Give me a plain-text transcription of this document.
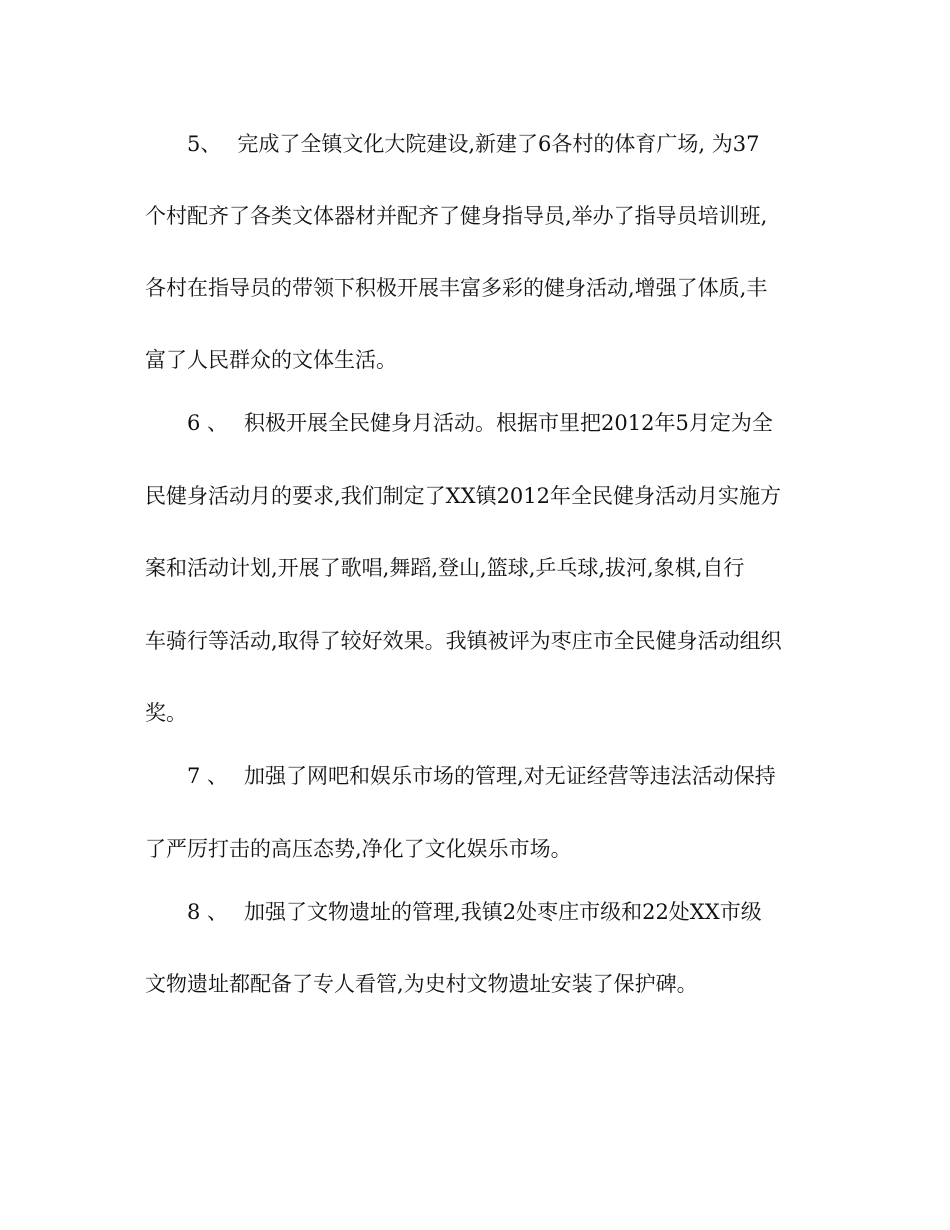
5、 完成了全镇文化大院建设,新建了6各村的体育广场, 为37
个村配齐了各类文体器材并配齐了健身指导员,举办了指导员培训班,
各村在指导员的带领下积极开展丰富多彩的健身活动,增强了体质,丰
富了人民群众的文体生活。
6 、 积极开展全民健身月活动。根据市里把2012年5月定为全
民健身活动月的要求,我们制定了XX镇2012年全民健身活动月实施方
案和活动计划,开展了歌唱,舞蹈,登山,篮球,乒乓球,拔河,象棋,自行
车骑行等活动,取得了较好效果。我镇被评为枣庄市全民健身活动组织
奖。
7 、 加强了网吧和娱乐市场的管理,对无证经营等违法活动保持
了严厉打击的高压态势,净化了文化娱乐市场。
8 、 加强了文物遗址的管理,我镇2处枣庄市级和22处XX市级
文物遗址都配备了专人看管,为史村文物遗址安装了保护碑。
